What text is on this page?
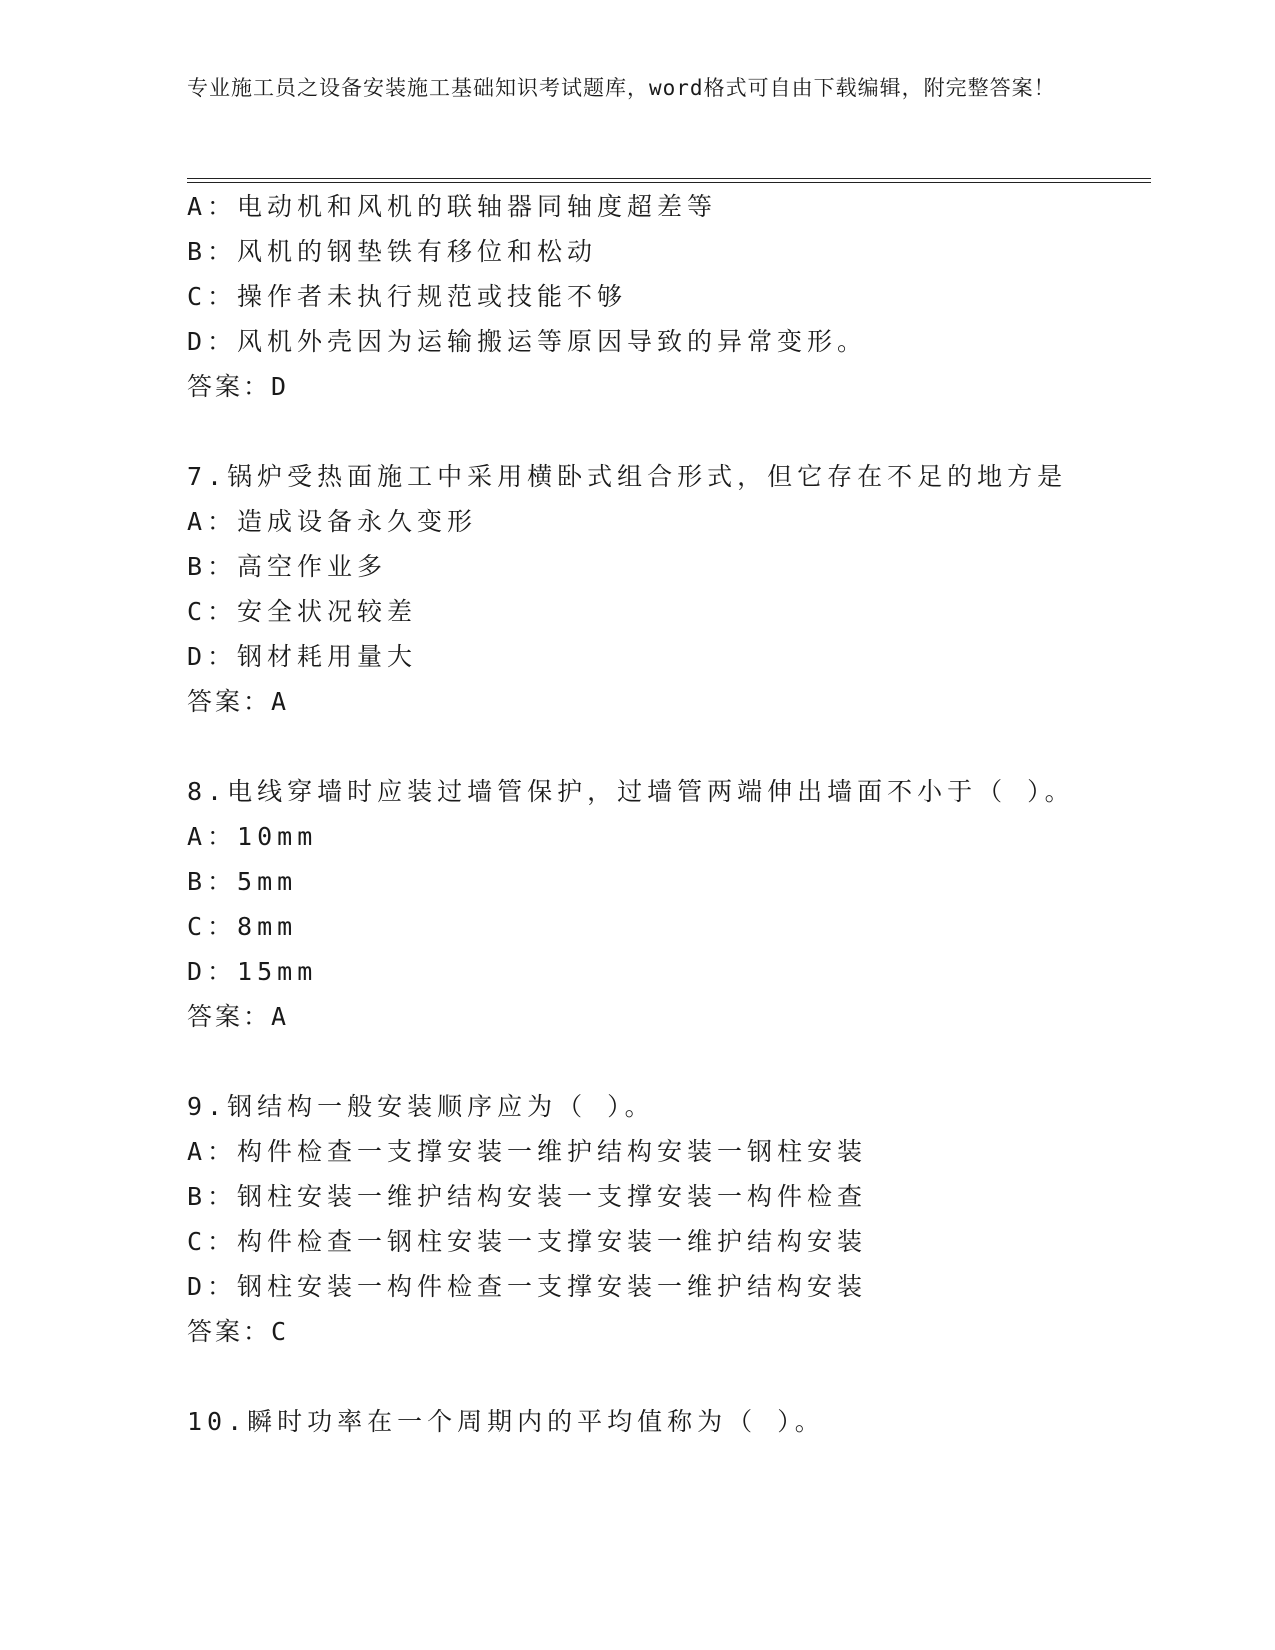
专业施工员之设备安装施工基础知识考试题库，word格式可自由下载编辑，附完整答案！
A：电动机和风机的联轴器同轴度超差等
B：风机的钢垫铁有移位和松动
C：操作者未执行规范或技能不够
D：风机外壳因为运输搬运等原因导致的异常变形。
答案：D
7.锅炉受热面施工中采用横卧式组合形式，但它存在不足的地方是
A：造成设备永久变形
B：高空作业多
C：安全状况较差
D：钢材耗用量大
答案：A
8.电线穿墙时应装过墙管保护，过墙管两端伸出墙面不小于（ ）。
A：10mm
B：5mm
C：8mm
D：15mm
答案：A
9.钢结构一般安装顺序应为（ ）。
A：构件检查一支撑安装一维护结构安装一钢柱安装
B：钢柱安装一维护结构安装一支撑安装一构件检查
C：构件检查一钢柱安装一支撑安装一维护结构安装
D：钢柱安装一构件检查一支撑安装一维护结构安装
答案：C
10.瞬时功率在一个周期内的平均值称为（ ）。
